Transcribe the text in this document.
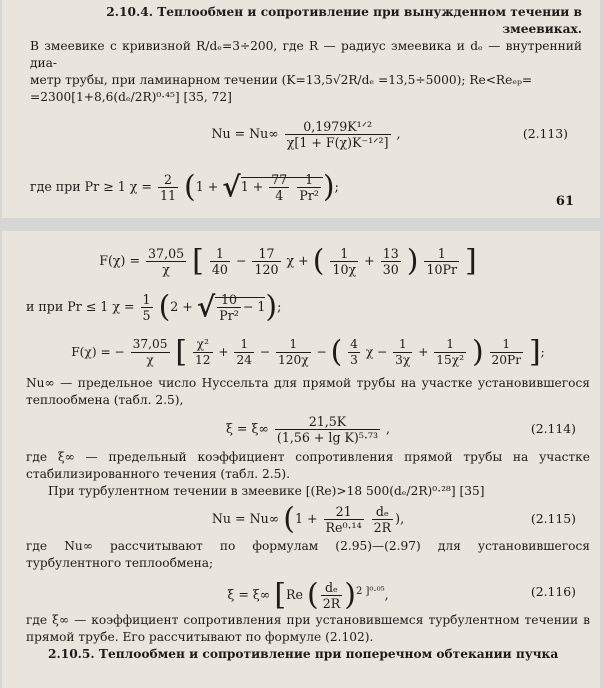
2.10.4. Теплообмен и сопротивление при вынужденном течении в змеевиках.

В змеевике с кривизной R/dₑ=3÷200, где R — радиус змеевика и dₑ — внутренний диа-

метр трубы, при ламинарном течении (K=13,5√2R/dₑ =13,5÷5000); Re<Reₑₚ=

=2300[1+8,6(dₑ/2R)⁰·⁴⁵] [35, 72]

$Nu = Nu\infty \frac{\text{0,1979K¹ᐟ²}}{\text{χ[1 + F(χ)K⁻¹ᐟ²]}}$ ,	(2.113)
где при Pr ≥ 1 $\chi = \frac{2}{11} (1 + √1 + \frac{77}{4}$
$\frac{1}{\text{Pr²}}$ );
61
$F(\chi) = \frac{37,05}{\chi}$ [ $\frac{1}{40} - \frac{17}{120}$ χ + ( $\frac{1}{10\chi} + \frac{13}{30}$ ) $\frac{1}{10Pr}$ ]
и при Pr ≤ 1 $\chi = \frac{1}{5} (2$ + √ $\frac{10}{\text{Pr²}} - 1$);
F(χ) = − $\frac{37,05}{\chi}$ [ $\frac{\text{χ²}}{12} + \frac{1}{24} - \frac{1}{120\chi}$ − ( $\frac{4}{3}$ $\chi - \frac{1}{3\chi} + \frac{1}{\text{15χ²}}$ ) $\frac{1}{20Pr}$ ];

Nu∞ — предельное число Нуссельта для прямой трубы на участке установившегося теплообмена (табл. 2.5),

$\xi = \xi\infty \frac{21,5K}{\text{(1,56 + lg K)⁵·⁷³}}$ ,	(2.114)

где ξ∞ — предельный коэффициент сопротивления прямой трубы на участке стабилизированного течения (табл. 2.5).

При турбулентном течении в змеевике [(Re)>18 500(dₑ/2R)⁰·²⁸] [35]

Nu = Nu∞ ($1 + \frac{21}{\text{Re⁰·¹⁴}}$
$\frac{\text{dₑ}}{2R}$ ),	(2.115)

где Nu∞ рассчитывают по формулам (2.95)—(2.97) для установившегося турбулентного теплообмена;

ξ = ξ∞ [Re ( $\frac{\text{dₑ}}{2R} )^{2 ]^0\cdot^{05}}$,	(2.116)

где ξ∞ — коэффициент сопротивления при установившемся турбулентном течении в прямой трубе. Его рассчитывают по формуле (2.102).

2.10.5. Теплообмен и сопротивление при поперечном обтекании пучка
